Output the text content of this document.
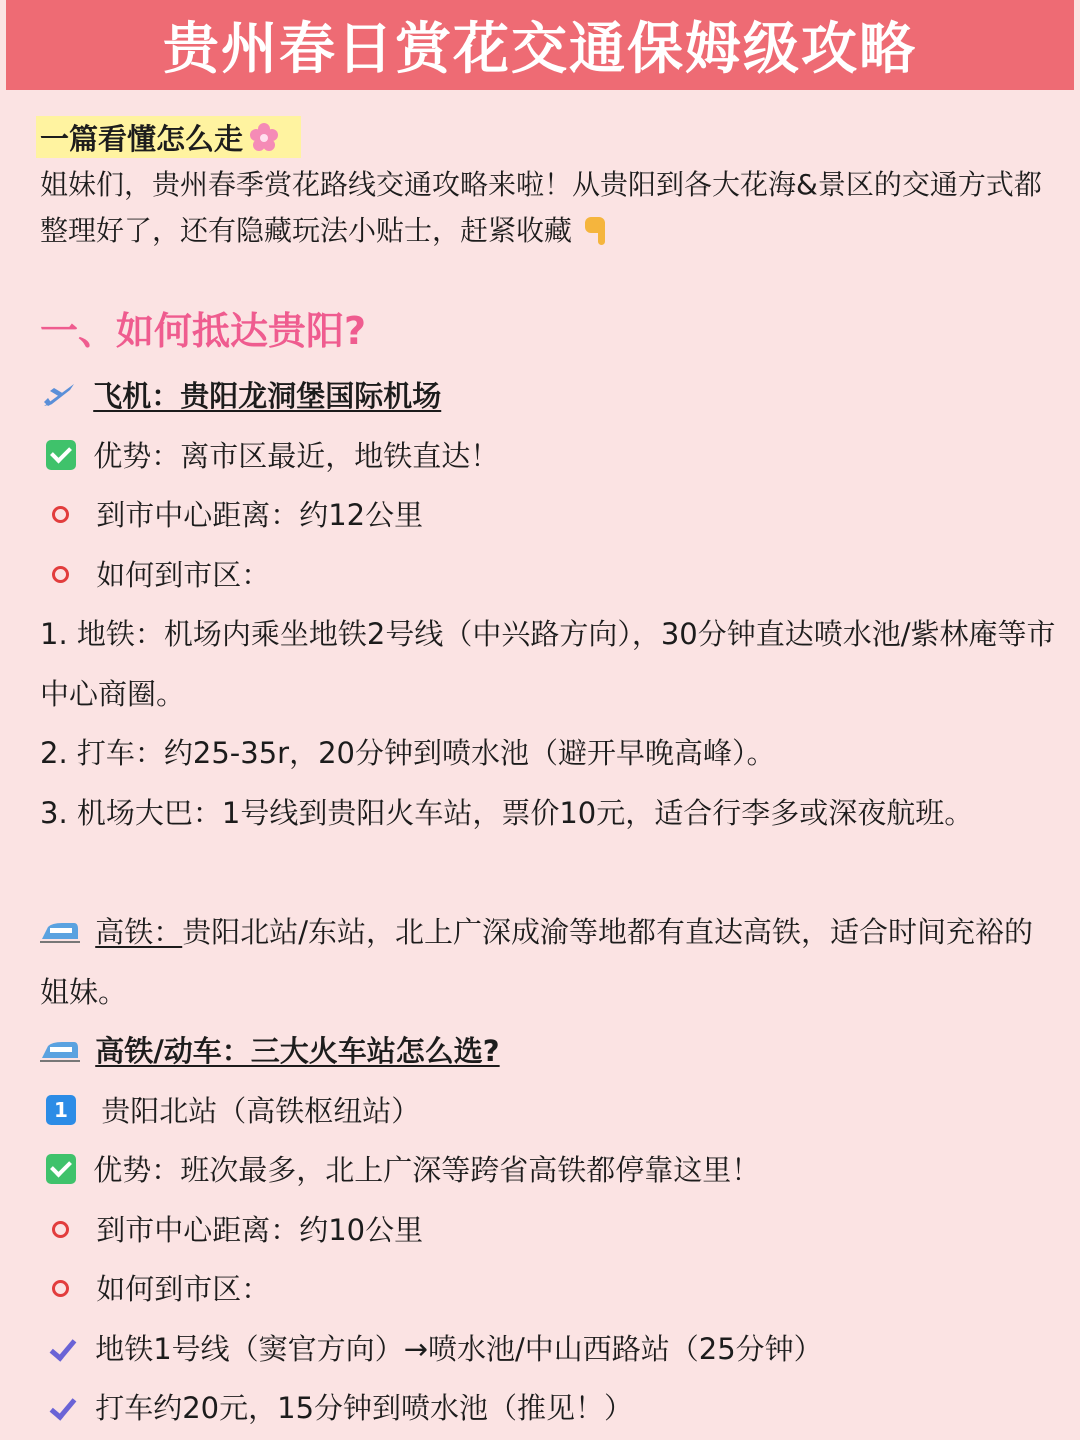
贵州春日赏花交通保姆级攻略
一篇看懂怎么走
姐妹们，贵州春季赏花路线交通攻略来啦！从贵阳到各大花海&景区的交通方式都整理好了，还有隐藏玩法小贴士，赶紧收藏
一、如何抵达贵阳?
飞机：贵阳龙洞堡国际机场
优势：离市区最近，地铁直达！
到市中心距离：约12公里
如何到市区：
1. 地铁：机场内乘坐地铁2号线（中兴路方向），30分钟直达喷水池/紫林庵等市中心商圈。
2. 打车：约25-35r，20分钟到喷水池（避开早晚高峰）。
3. 机场大巴：1号线到贵阳火车站，票价10元，适合行李多或深夜航班。
高铁：贵阳北站/东站，北上广深成渝等地都有直达高铁，适合时间充裕的姐妹。
高铁/动车：三大火车站怎么选?
1 贵阳北站（高铁枢纽站）
优势：班次最多，北上广深等跨省高铁都停靠这里！
到市中心距离：约10公里
如何到市区：
地铁1号线（窦官方向）→喷水池/中山西路站（25分钟）
打车约20元，15分钟到喷水池（推见！）
